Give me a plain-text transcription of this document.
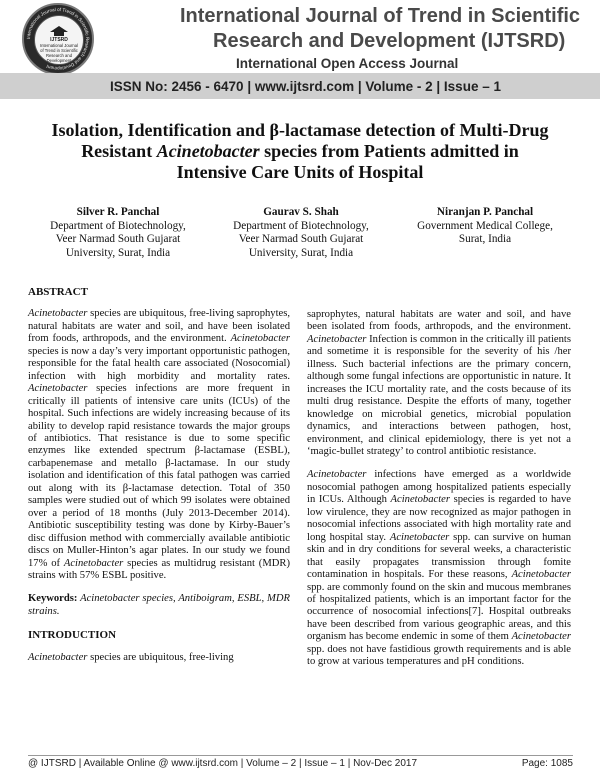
International Journal of Trend in Scientific Research and Development
IJTSRD
International Journal
of Trend in Scientific
Research and
Development
International Journal of Trend in Scientific
Research and Development (IJTSRD)
International Open Access Journal
ISSN No: 2456 - 6470 | www.ijtsrd.com | Volume - 2 | Issue – 1
Isolation, Identification and β-lactamase detection of Multi-Drug
Resistant Acinetobacter species from Patients admitted in
Intensive Care Units of Hospital
Silver R. Panchal
Department of Biotechnology,
Veer Narmad South Gujarat
University, Surat, India
Gaurav S. Shah
Department of Biotechnology,
Veer Narmad South Gujarat
University, Surat, India
Niranjan P. Panchal
Government Medical College,
Surat, India
ABSTRACT

Acinetobacter species are ubiquitous, free-living saprophytes, natural habitats are water and soil, and have been isolated from foods, arthropods, and the environment. Acinetobacter species is now a day’s very important opportunistic pathogen, responsible for the fatal health care associated (Nosocomial) infection with high morbidity and mortality rates. Acinetobacter species infections are more frequent in critically ill patients of intensive care units (ICUs) of the hospital. Such infections are widely increasing because of its ability to develop rapid resistance towards the major groups of antibiotics. That resistance is due to some specific enzymes like extended spectrum β-lactamase (ESBL), carbapenemase and metallo β-lactamase. In our study isolation and identification of this fatal pathogen was carried out along with its β-lactamase detection. Total of 350 samples were studied out of which 99 isolates were obtained over a period of 18 months (July 2013-December 2014). Antibiotic susceptibility testing was done by Kirby-Bauer’s disc diffusion method with commercially available antibiotic discs on Muller-Hinton’s agar plates. In our study we found 17% of Acinetobacter species as multidrug resistant (MDR) strains with 57% ESBL positive.

Keywords: Acinetobacter species, Antiboigram, ESBL, MDR strains.

INTRODUCTION

Acinetobacter species are ubiquitous, free-living

saprophytes, natural habitats are water and soil, and have been isolated from foods, arthropods, and the environment. Acinetobacter Infection is common in the critically ill patients and sometime it is responsible for the severity of his /her illness. Such bacterial infections are the primary concern, although some fungal infections are opportunistic in nature. It increases the ICU mortality rate, and the costs because of its multi drug resistance. Despite the efforts of many, together knowledge on microbial genetics, microbial population dynamics, and interactions between pathogen, host, environment, and clinical epidemiology, there is yet not a ‘magic-bullet strategy’ to control antibiotic resistance.

Acinetobacter infections have emerged as a worldwide nosocomial pathogen among hospitalized patients especially in ICUs. Although Acinetobacter species is regarded to have low virulence, they are now recognized as major pathogen in nosocomial infections associated with high mortality rate and long hospital stay. Acinetobacter spp. can survive on human skin and in dry conditions for several weeks, a characteristic that easily propagates transmission through fomite contamination in hospitals. For these reasons, Acinetobacter spp. are commonly found on the skin and mucous membranes of hospitalized patients, which is an important factor for the occurrence of nosocomial infections[7]. Hospital outbreaks have been described from various geographic areas, and this organism has become endemic in some of them Acinetobacter spp. does not have fastidious growth requirements and is able to grow at various temperatures and pH conditions.

@ IJTSRD | Available Online @ www.ijtsrd.com | Volume – 2 | Issue – 1 | Nov-Dec 2017	Page: 1085
